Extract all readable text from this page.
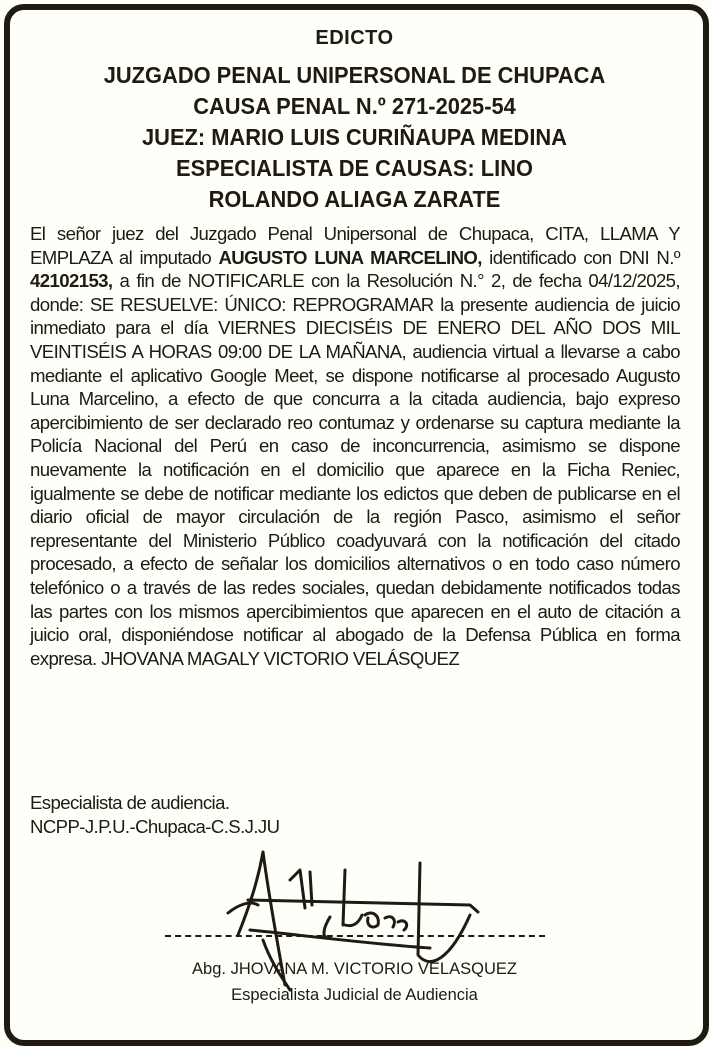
EDICTO
JUZGADO PENAL UNIPERSONAL DE CHUPACA
CAUSA PENAL N.º 271-2025-54
JUEZ: MARIO LUIS CURIÑAUPA MEDINA
ESPECIALISTA DE CAUSAS: LINO
ROLANDO ALIAGA ZARATE
El señor juez del Juzgado Penal Unipersonal de Chupaca, CITA, LLAMA Y EMPLAZA al imputado AUGUSTO LUNA MARCELINO, identificado con DNI N.º 42102153, a fin de NOTIFICARLE con la Resolución N.° 2, de fecha 04/12/2025, donde: SE RESUELVE: ÚNICO: REPROGRAMAR la presente audiencia de juicio inmediato para el día VIERNES DIECISÉIS DE ENERO DEL AÑO DOS MIL VEINTISÉIS A HORAS 09:00 DE LA MAÑANA, audiencia virtual a llevarse a cabo mediante el aplicativo Google Meet, se dispone notificarse al procesado Augusto Luna Marcelino, a efecto de que concurra a la citada audiencia, bajo expreso apercibimiento de ser declarado reo contumaz y ordenarse su captura mediante la Policía Nacional del Perú en caso de inconcurrencia, asimismo se dispone nuevamente la notificación en el domicilio que aparece en la Ficha Reniec, igualmente se debe de notificar mediante los edictos que deben de publicarse en el diario oficial de mayor circulación de la región Pasco, asimismo el señor representante del Ministerio Público coadyuvará con la notificación del citado procesado, a efecto de señalar los domicilios alternativos o en todo caso número telefónico o a través de las redes sociales, quedan debidamente notificados todas las partes con los mismos apercibimientos que aparecen en el auto de citación a juicio oral, disponiéndose notificar al abogado de la Defensa Pública en forma expresa. JHOVANA MAGALY VICTORIO VELÁSQUEZ
Especialista de audiencia.
NCPP-J.P.U.-Chupaca-C.S.J.JU
Abg. JHOVANA M. VICTORIO VELASQUEZ
Especialista Judicial de Audiencia
